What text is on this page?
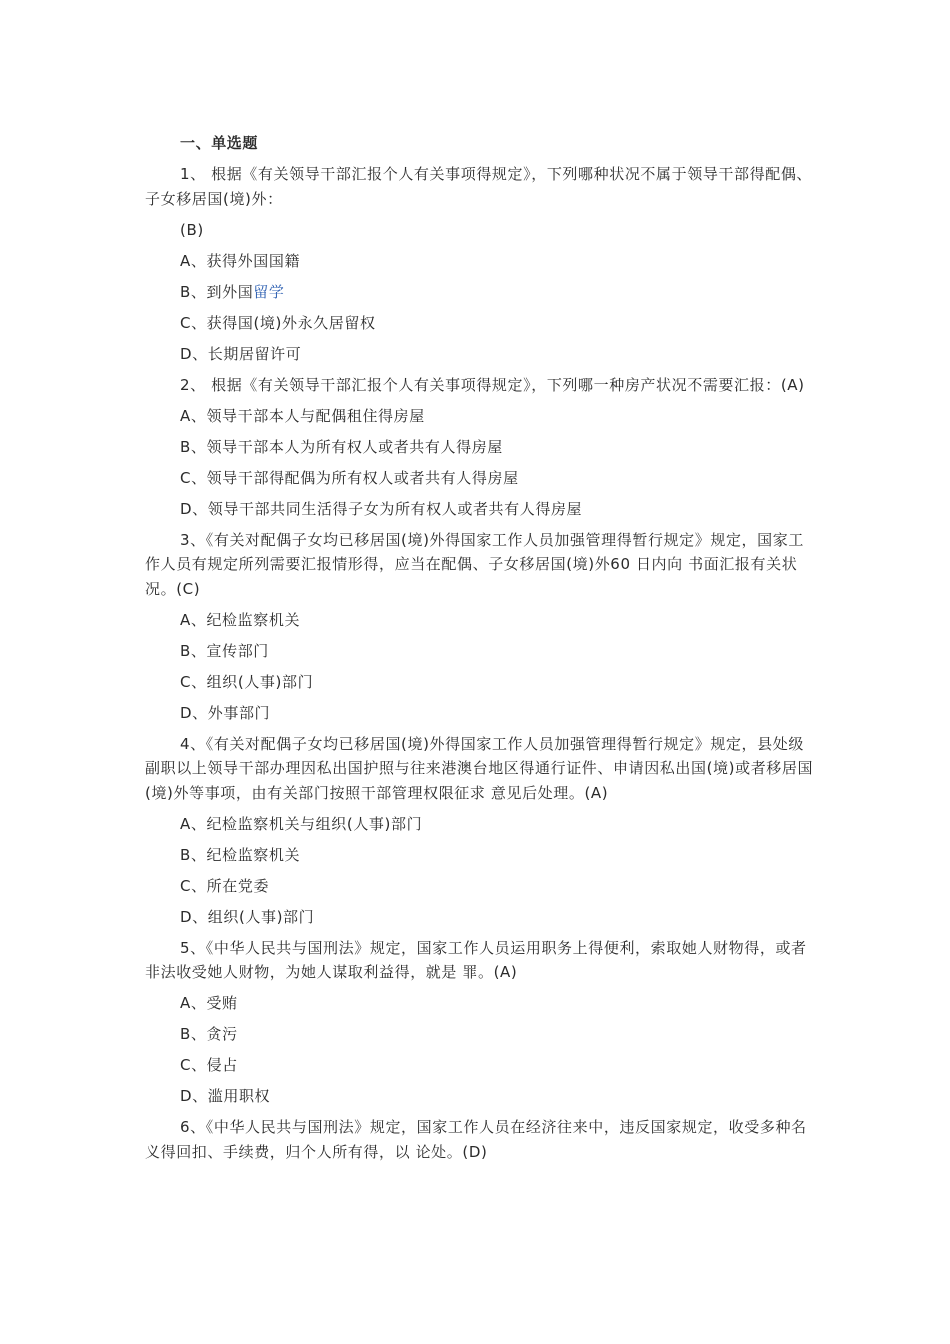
一、单选题

1、 根据《有关领导干部汇报个人有关事项得规定》，下列哪种状况不属于领导干部得配偶、子女移居国(境)外：

(B)

A、获得外国国籍

B、到外国留学

C、获得国(境)外永久居留权

D、长期居留许可

2、 根据《有关领导干部汇报个人有关事项得规定》，下列哪一种房产状况不需要汇报：(A)

A、领导干部本人与配偶租住得房屋

B、领导干部本人为所有权人或者共有人得房屋

C、领导干部得配偶为所有权人或者共有人得房屋

D、领导干部共同生活得子女为所有权人或者共有人得房屋

3、《有关对配偶子女均已移居国(境)外得国家工作人员加强管理得暂行规定》规定，国家工作人员有规定所列需要汇报情形得，应当在配偶、子女移居国(境)外60 日内向 书面汇报有关状况。(C)

A、纪检监察机关

B、宣传部门

C、组织(人事)部门

D、外事部门

4、《有关对配偶子女均已移居国(境)外得国家工作人员加强管理得暂行规定》规定，县处级副职以上领导干部办理因私出国护照与往来港澳台地区得通行证件、申请因私出国(境)或者移居国(境)外等事项，由有关部门按照干部管理权限征求 意见后处理。(A)

A、纪检监察机关与组织(人事)部门

B、纪检监察机关

C、所在党委

D、组织(人事)部门

5、《中华人民共与国刑法》规定，国家工作人员运用职务上得便利，索取她人财物得，或者非法收受她人财物，为她人谋取利益得，就是 罪。(A)

A、受贿

B、贪污

C、侵占

D、滥用职权

6、《中华人民共与国刑法》规定，国家工作人员在经济往来中，违反国家规定，收受多种名义得回扣、手续费，归个人所有得，以 论处。(D)
